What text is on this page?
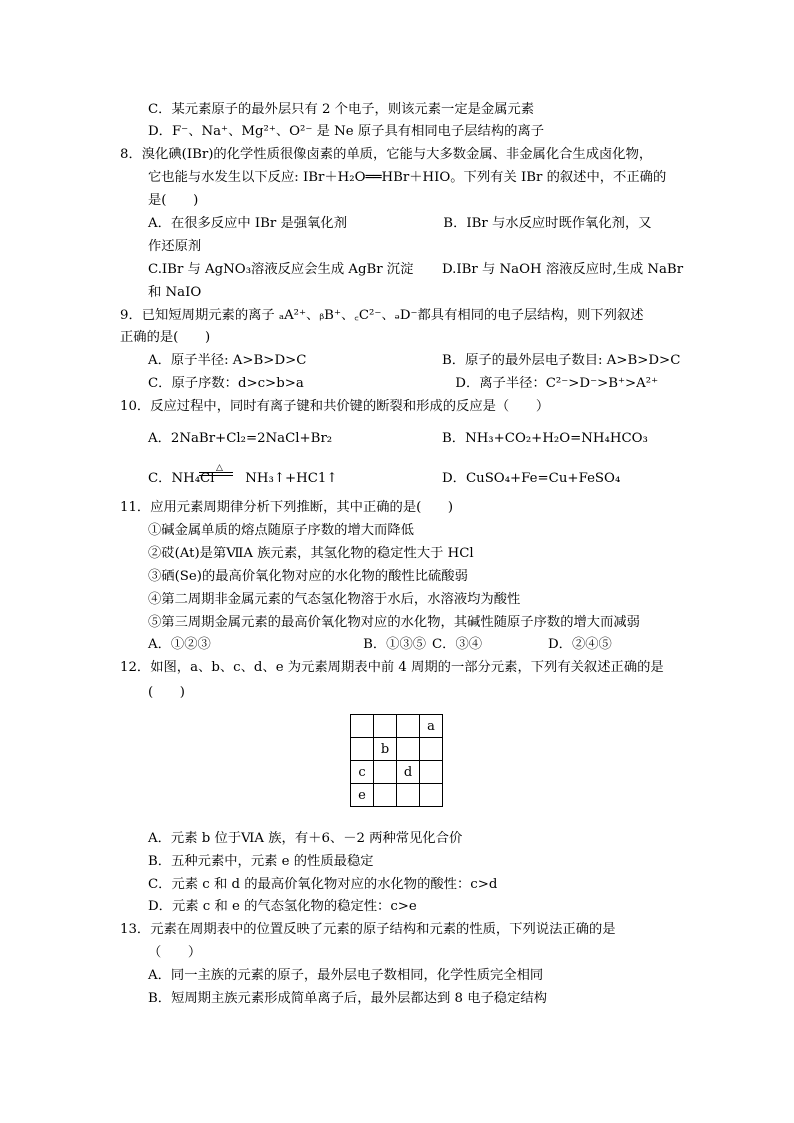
C．某元素原子的最外层只有 2 个电子，则该元素一定是金属元素
D．F⁻、Na⁺、Mg²⁺、O²⁻ 是 Ne 原子具有相同电子层结构的离子
8．溴化碘(IBr)的化学性质很像卤素的单质，它能与大多数金属、非金属化合生成卤化物，
它也能与水发生以下反应: IBr＋H₂O══HBr＋HIO。下列有关 IBr 的叙述中，不正确的
是(　　)
A．在很多反应中 IBr 是强氧化剂	　B．IBr 与水反应时既作氧化剂，又
作还原剂
C.IBr 与 AgNO₃溶液反应会生成 AgBr 沉淀 D.IBr 与 NaOH 溶液反应时,生成 NaBr
和 NaIO
9．已知短周期元素的离子 ₐA²⁺、ᵦB⁺、꜀C²⁻、ₔD⁻都具有相同的电子层结构，则下列叙述
正确的是(　　)
A．原子半径: A>B>D>C	B．原子的最外层电子数目: A>B>D>C
C．原子序数：d>c>b>a	　D．离子半径：C²⁻>D⁻>B⁺>A²⁺
10．反应过程中，同时有离子键和共价键的断裂和形成的反应是（　　）
A．2NaBr+Cl₂=2NaCl+Br₂	B．NH₃+CO₂+H₂O=NH₄HCO₃
C．NH₄Cl　　 NH₃↑+HC1↑	D．CuSO₄+Fe=Cu+FeSO₄
11．应用元素周期律分析下列推断，其中正确的是(　　)
①碱金属单质的熔点随原子序数的增大而降低
②砹(At)是第ⅦA 族元素，其氢化物的稳定性大于 HCl
③硒(Se)的最高价氧化物对应的水化物的酸性比硫酸弱
④第二周期非金属元素的气态氢化物溶于水后，水溶液均为酸性
⑤第三周期金属元素的最高价氧化物对应的水化物，其碱性随原子序数的增大而减弱
A．①②③	　　　　　　　B．①③⑤ C．③④	D．②④⑤
12．如图，a、b、c、d、e 为元素周期表中前 4 周期的一部分元素，下列有关叙述正确的是
(　　)
A．元素 b 位于ⅥA 族，有＋6、－2 两种常见化合价
B．五种元素中，元素 e 的性质最稳定
C．元素 c 和 d 的最高价氧化物对应的水化物的酸性：c>d
D．元素 c 和 e 的气态氢化物的稳定性：c>e
13．元素在周期表中的位置反映了元素的原子结构和元素的性质，下列说法正确的是
（　　）
A．同一主族的元素的原子，最外层电子数相同，化学性质完全相同
B．短周期主族元素形成简单离子后，最外层都达到 8 电子稳定结构
△
			a
	b		
c		d	
e			
